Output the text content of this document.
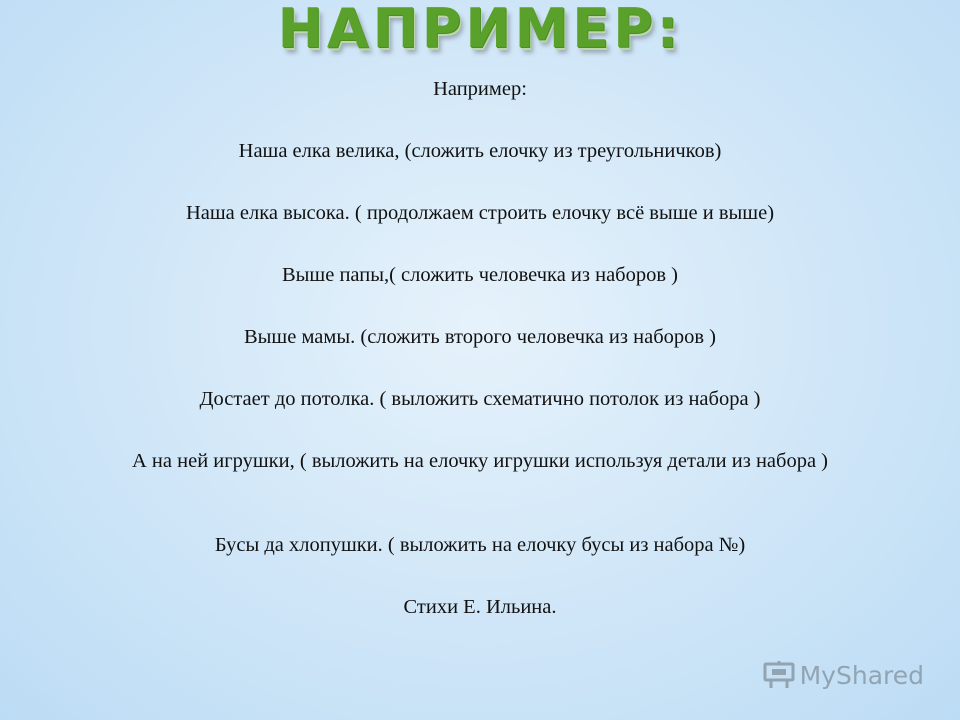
НАПРИМЕР:

Например:

Наша елка велика, (сложить елочку из треугольничков)

Наша елка высока. ( продолжаем строить елочку всё выше и выше)

Выше папы,( сложить человечка из наборов )

Выше мамы. (сложить второго человечка из наборов )

Достает до потолка. ( выложить схематично потолок из набора )

А на ней игрушки, ( выложить на елочку игрушки используя детали из набора )

Бусы да хлопушки. ( выложить на елочку бусы из набора №)

Стихи Е. Ильина.

MyShared
